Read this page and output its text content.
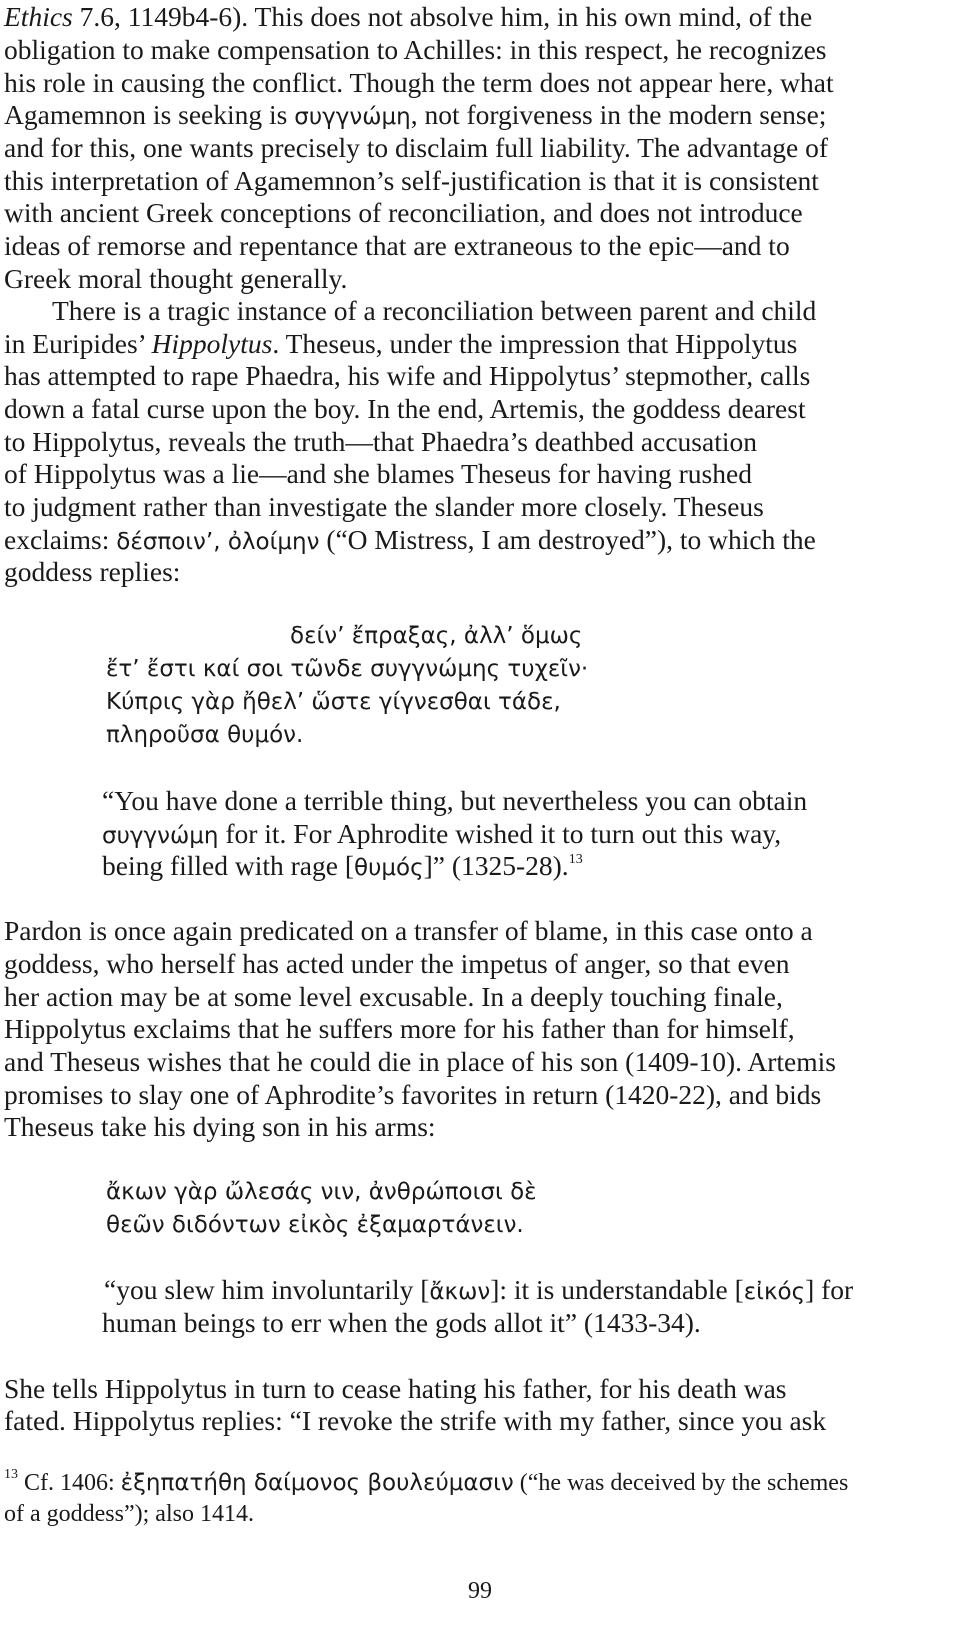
Ethics 7.6, 1149b4-6). This does not absolve him, in his own mind, of the
obligation to make compensation to Achilles: in this respect, he recognizes
his role in causing the conflict. Though the term does not appear here, what
Agamemnon is seeking is συγγνώμη, not forgiveness in the modern sense;
and for this, one wants precisely to disclaim full liability. The advantage of
this interpretation of Agamemnon’s self-justification is that it is consistent
with ancient Greek conceptions of reconciliation, and does not introduce
ideas of remorse and repentance that are extraneous to the epic—and to
Greek moral thought generally.
There is a tragic instance of a reconciliation between parent and child
in Euripides’ Hippolytus. Theseus, under the impression that Hippolytus
has attempted to rape Phaedra, his wife and Hippolytus’ stepmother, calls
down a fatal curse upon the boy. In the end, Artemis, the goddess dearest
to Hippolytus, reveals the truth—that Phaedra’s deathbed accusation
of Hippolytus was a lie—and she blames Theseus for having rushed
to judgment rather than investigate the slander more closely. Theseus
exclaims: δέσποιν’, ὀλοίμην (“O Mistress, I am destroyed”), to which the
goddess replies:
δείν’ ἔπραξας, ἀλλ’ ὅμως
ἔτ’ ἔστι καί σοι τῶνδε συγγνώμης τυχεῖν·
Κύπρις γὰρ ἤθελ’ ὥστε γίγνεσθαι τάδε,
πληροῦσα θυμόν.
“You have done a terrible thing, but nevertheless you can obtain
συγγνώμη for it. For Aphrodite wished it to turn out this way,
being filled with rage [θυμός]” (1325-28).$^{13}$
Pardon is once again predicated on a transfer of blame, in this case onto a
goddess, who herself has acted under the impetus of anger, so that even
her action may be at some level excusable. In a deeply touching finale,
Hippolytus exclaims that he suffers more for his father than for himself,
and Theseus wishes that he could die in place of his son (1409-10). Artemis
promises to slay one of Aphrodite’s favorites in return (1420-22), and bids
Theseus take his dying son in his arms:
ἄκων γὰρ ὤλεσάς νιν, ἀνθρώποισι δὲ
θεῶν διδόντων εἰκὸς ἐξαμαρτάνειν.
“you slew him involuntarily [ἄκων]: it is understandable [εἰκός] for
human beings to err when the gods allot it” (1433-34).
She tells Hippolytus in turn to cease hating his father, for his death was
fated. Hippolytus replies: “I revoke the strife with my father, since you ask
$^{13}$ Cf. 1406: ἐξηπατήθη δαίμονος βουλεύμασιν (“he was deceived by the schemes
of a goddess”); also 1414.
99
